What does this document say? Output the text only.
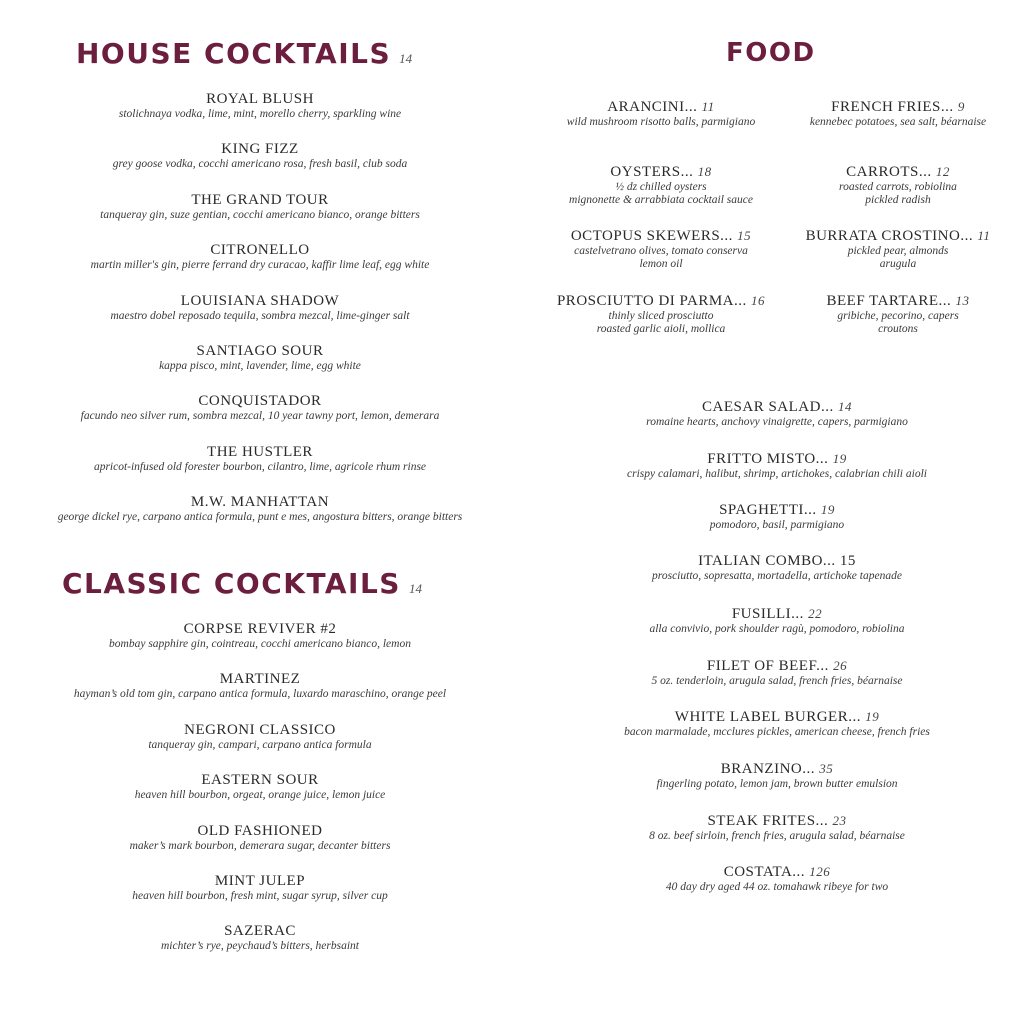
HOUSE COCKTAILS 14	FOOD
CLASSIC COCKTAILS 14
ROYAL BLUSH
stolichnaya vodka, lime, mint, morello cherry, sparkling wine
KING FIZZ
grey goose vodka, cocchi americano rosa, fresh basil, club soda
THE GRAND TOUR
tanqueray gin, suze gentian, cocchi americano bianco, orange bitters
CITRONELLO
martin miller's gin, pierre ferrand dry curacao, kaffir lime leaf, egg white
LOUISIANA SHADOW
maestro dobel reposado tequila, sombra mezcal, lime-ginger salt
SANTIAGO SOUR
kappa pisco, mint, lavender, lime, egg white
CONQUISTADOR
facundo neo silver rum, sombra mezcal, 10 year tawny port, lemon, demerara
THE HUSTLER
apricot-infused old forester bourbon, cilantro, lime, agricole rhum rinse
M.W. MANHATTAN
george dickel rye, carpano antica formula, punt e mes, angostura bitters, orange bitters
CORPSE REVIVER #2
bombay sapphire gin, cointreau, cocchi americano bianco, lemon
MARTINEZ
hayman’s old tom gin, carpano antica formula, luxardo maraschino, orange peel
NEGRONI CLASSICO
tanqueray gin, campari, carpano antica formula
EASTERN SOUR
heaven hill bourbon, orgeat, orange juice, lemon juice
OLD FASHIONED
maker’s mark bourbon, demerara sugar, decanter bitters
MINT JULEP
heaven hill bourbon, fresh mint, sugar syrup, silver cup
SAZERAC
michter’s rye, peychaud’s bitters, herbsaint
ARANCINI... 11
wild mushroom risotto balls, parmigiano
FRENCH FRIES... 9
kennebec potatoes, sea salt, béarnaise
OYSTERS... 18
½ dz chilled oysters
mignonette & arrabbiata cocktail sauce
CARROTS... 12
roasted carrots, robiolina
pickled radish
OCTOPUS SKEWERS... 15
castelvetrano olives, tomato conserva
lemon oil
BURRATA CROSTINO... 11
pickled pear, almonds
arugula
PROSCIUTTO DI PARMA... 16
thinly sliced prosciutto
roasted garlic aioli, mollica
BEEF TARTARE... 13
gribiche, pecorino, capers
croutons
CAESAR SALAD... 14
romaine hearts, anchovy vinaigrette, capers, parmigiano
FRITTO MISTO... 19
crispy calamari, halibut, shrimp, artichokes, calabrian chili aioli
SPAGHETTI... 19
pomodoro, basil, parmigiano
ITALIAN COMBO... 15
prosciutto, sopresatta, mortadella, artichoke tapenade
FUSILLI... 22
alla convivio, pork shoulder ragù, pomodoro, robiolina
FILET OF BEEF... 26
5 oz. tenderloin, arugula salad, french fries, béarnaise
WHITE LABEL BURGER... 19
bacon marmalade, mcclures pickles, american cheese, french fries
BRANZINO... 35
fingerling potato, lemon jam, brown butter emulsion
STEAK FRITES... 23
8 oz. beef sirloin, french fries, arugula salad, béarnaise
COSTATA... 126
40 day dry aged 44 oz. tomahawk ribeye for two
